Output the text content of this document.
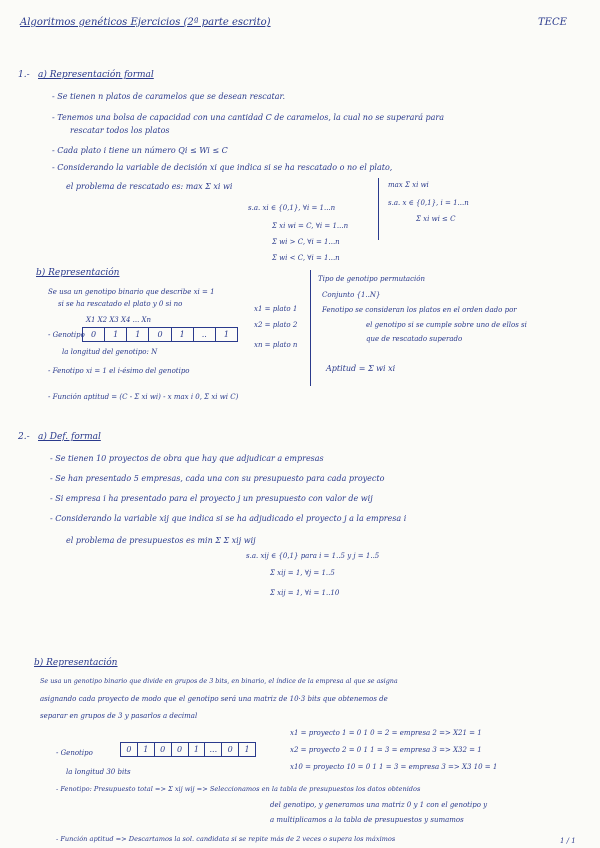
Algoritmos genéticos Ejercicios (2ª parte escrito)	TECE
1.- a) Representación formal
- Se tienen n platos de caramelos que se desean rescatar.
- Tenemos una bolsa de capacidad con una cantidad C de caramelos, la cual no se superará para
rescatar todos los platos
- Cada plato i tiene un número Qi ≤ Wi ≤ C
- Considerando la variable de decisión xi que indica si se ha rescatado o no el plato,
el problema de rescatado es: max Σ xi wi
s.a. xi ∈ {0,1}, ∀i = 1...n
Σ xi wi = C, ∀i = 1...n
Σ wi > C, ∀i = 1...n
Σ wi < C, ∀i = 1...n
max Σ xi wi
s.a. x ∈ {0,1}, i = 1...n
Σ xi wi ≤ C
b) Representación
Se usa un genotipo binario que describe xi = 1
si se ha rescatado el plato y 0 si no
X1 X2 X3 X4 ... Xn
- Genotipo 0	1	1	0	1	..	1
la longitud del genotipo: N
- Fenotipo xi = 1 el i-ésimo del genotipo
- Función aptitud = (C - Σ xi wi) - x max i 0, Σ xi wi C)
x1 = plato 1
x2 = plato 2
xn = plato n
Tipo de genotipo permutación
Conjunto {1..N}
Fenotipo se consideran los platos en el orden dado por
el genotipo si se cumple sobre uno de ellos si
que de rescatado superado
Aptitud = Σ wi xi
2.- a) Def. formal
- Se tienen 10 proyectos de obra que hay que adjudicar a empresas
- Se han presentado 5 empresas, cada una con su presupuesto para cada proyecto
- Si empresa i ha presentado para el proyecto j un presupuesto con valor de wij
- Considerando la variable xij que indica si se ha adjudicado el proyecto j a la empresa i
el problema de presupuestos es min Σ Σ xij wij
s.a. xij ∈ {0,1} para i = 1..5 y j = 1..5
Σ xij = 1, ∀j = 1..5
Σ xij = 1, ∀i = 1..10
b) Representación
Se usa un genotipo binario que divide en grupos de 3 bits, en binario, el índice de la empresa al que se asigna
asignando cada proyecto de modo que el genotipo será una matriz de 10·3 bits que obtenemos de
separar en grupos de 3 y pasarlos a decimal
- Genotipo	0	1	0	0	1	...	0	1
la longitud 30 bits
x1 = proyecto 1 = 0 1 0 = 2 = empresa 2 => X21 = 1
x2 = proyecto 2 = 0 1 1 = 3 = empresa 3 => X32 = 1
x10 = proyecto 10 = 0 1 1 = 3 = empresa 3 => X3 10 = 1
- Fenotipo: Presupuesto total => Σ xij wij => Seleccionamos en la tabla de presupuestos los datos obtenidos
del genotipo, y generamos una matriz 0 y 1 con el genotipo y
a multiplicamos a la tabla de presupuestos y sumamos
- Función aptitud => Descartamos la sol. candidata si se repite más de 2 veces o supera los máximos	1 / 1
